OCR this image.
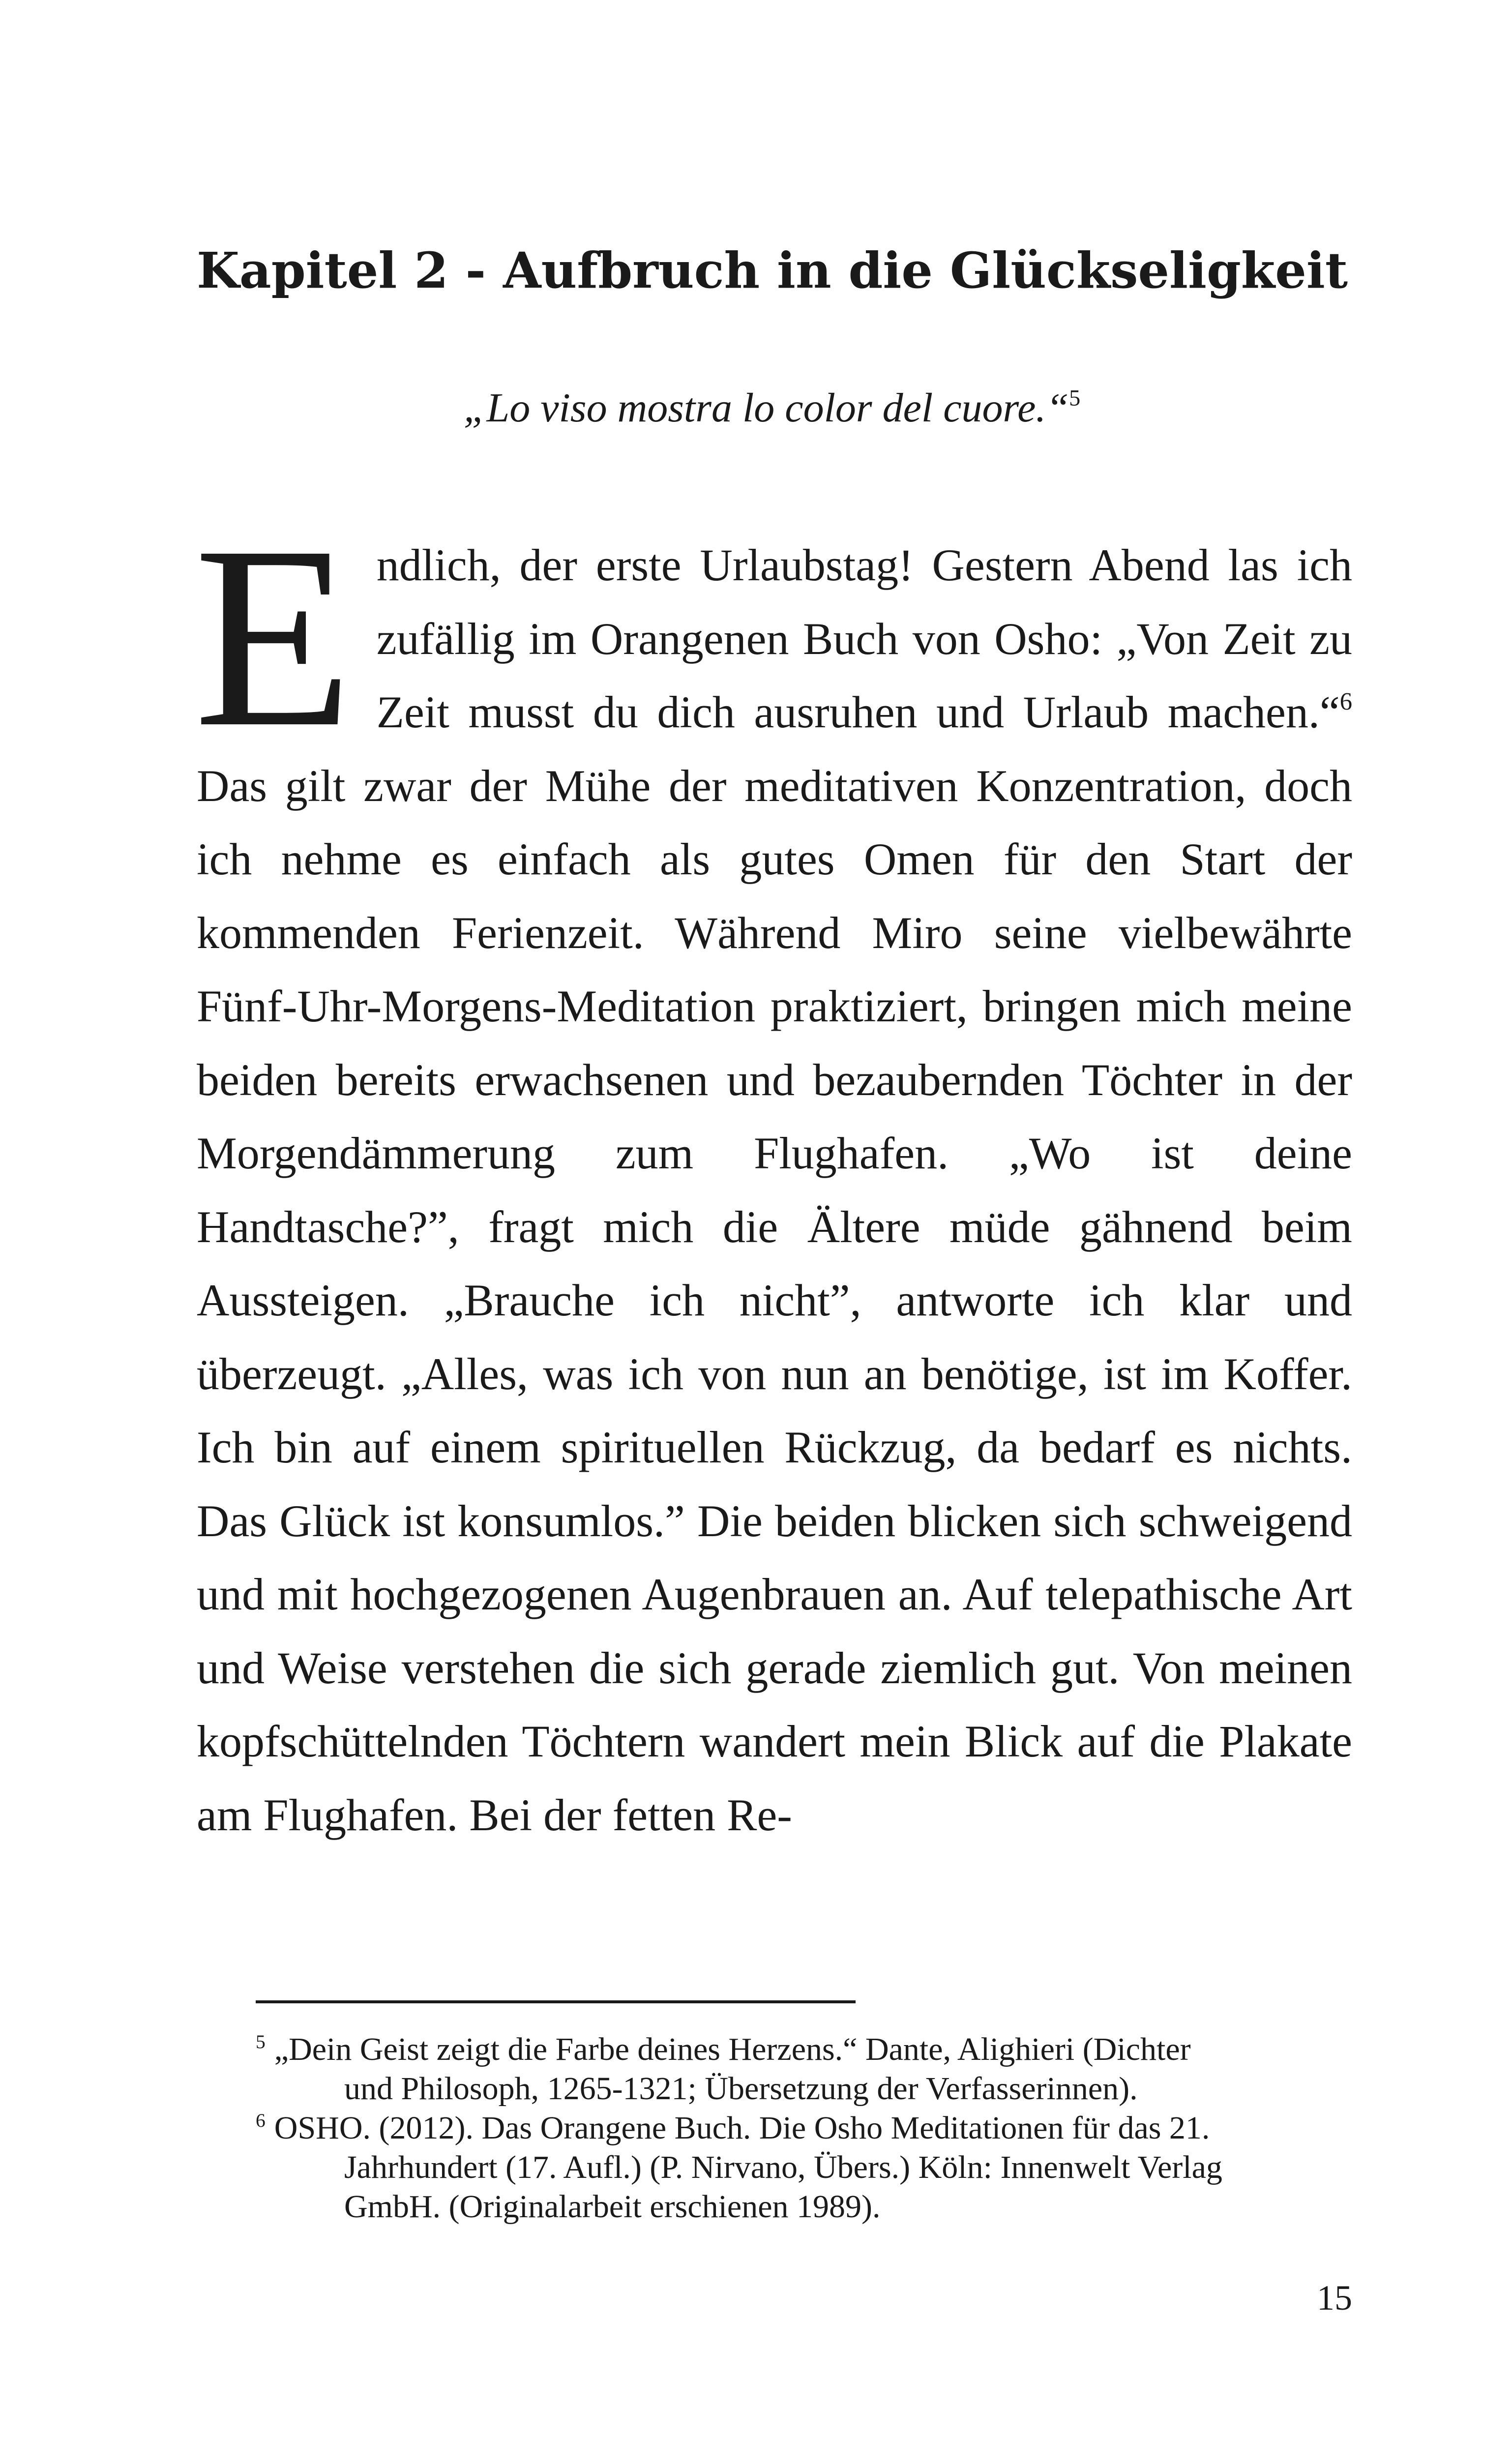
Kapitel 2 - Aufbruch in die Glückseligkeit

„Lo viso mostra lo color del cuore.“$^5$

Endlich, der erste Urlaubstag! Gestern Abend las ich zufällig im Orangenen Buch von Osho: „Von Zeit zu Zeit musst du dich ausruhen und Urlaub machen.“$^6$ Das gilt zwar der Mühe der meditativen Konzentration, doch ich nehme es einfach als gutes Omen für den Start der kommenden Ferienzeit. Während Miro seine vielbewährte Fünf-Uhr-Morgens-Meditation praktiziert, bringen mich meine beiden bereits erwachsenen und bezaubernden Töchter in der Morgendämmerung zum Flughafen. „Wo ist deine Handtasche?”, fragt mich die Ältere müde gähnend beim Aussteigen. „Brauche ich nicht”, antworte ich klar und überzeugt. „Alles, was ich von nun an benötige, ist im Koffer. Ich bin auf einem spirituellen Rückzug, da bedarf es nichts. Das Glück ist konsumlos.” Die beiden blicken sich schweigend und mit hochgezogenen Augenbrauen an. Auf telepathische Art und Weise verstehen die sich gerade ziemlich gut. Von meinen kopfschüttelnden Töchtern wandert mein Blick auf die Plakate am Flughafen. Bei der fetten Re-

$^5$ „Dein Geist zeigt die Farbe deines Herzens.“ Dante, Alighieri (Dichter
und Philosoph, 1265-1321; Übersetzung der Verfasserinnen).

$^6$ OSHO. (2012). Das Orangene Buch. Die Osho Meditationen für das 21.
Jahrhundert (17. Aufl.) (P. Nirvano, Übers.) Köln: Innenwelt Verlag
GmbH. (Originalarbeit erschienen 1989).

15
